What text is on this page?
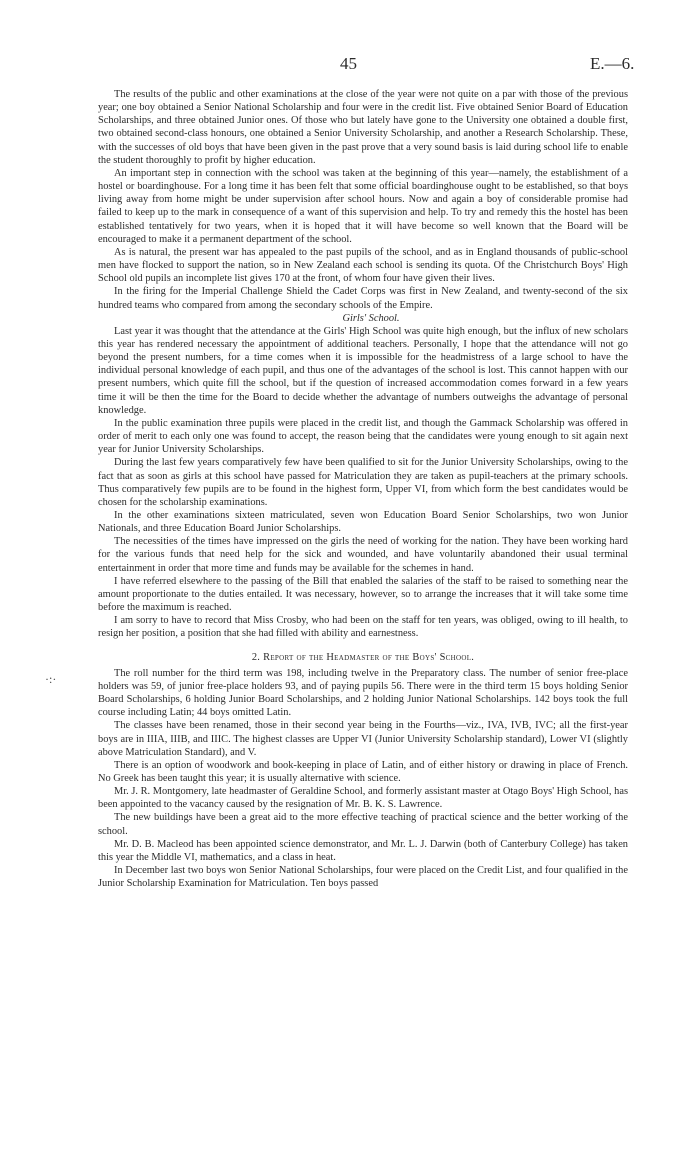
45	E.—6.
·:·

The results of the public and other examinations at the close of the year were not quite on a par with those of the previous year; one boy obtained a Senior National Scholarship and four were in the credit list. Five obtained Senior Board of Education Scholarships, and three obtained Junior ones. Of those who but lately have gone to the University one obtained a double first, two obtained second-class honours, one obtained a Senior University Scholarship, and another a Research Scholarship. These, with the successes of old boys that have been given in the past prove that a very sound basis is laid during school life to enable the student thoroughly to profit by higher education.

An important step in connection with the school was taken at the beginning of this year—namely, the establishment of a hostel or boardinghouse. For a long time it has been felt that some official boardinghouse ought to be established, so that boys living away from home might be under supervision after school hours. Now and again a boy of considerable promise had failed to keep up to the mark in consequence of a want of this supervision and help. To try and remedy this the hostel has been established tentatively for two years, when it is hoped that it will have become so well known that the Board will be encouraged to make it a permanent department of the school.

As is natural, the present war has appealed to the past pupils of the school, and as in England thousands of public-school men have flocked to support the nation, so in New Zealand each school is sending its quota. Of the Christchurch Boys' High School old pupils an incomplete list gives 170 at the front, of whom four have given their lives.

In the firing for the Imperial Challenge Shield the Cadet Corps was first in New Zealand, and twenty-second of the six hundred teams who compared from among the secondary schools of the Empire.

Girls' School.

Last year it was thought that the attendance at the Girls' High School was quite high enough, but the influx of new scholars this year has rendered necessary the appointment of additional teachers. Personally, I hope that the attendance will not go beyond the present numbers, for a time comes when it is impossible for the headmistress of a large school to have the individual personal knowledge of each pupil, and thus one of the advantages of the school is lost. This cannot happen with our present numbers, which quite fill the school, but if the question of increased accommodation comes forward in a few years time it will be then the time for the Board to decide whether the advantage of numbers outweighs the advantage of personal knowledge.

In the public examination three pupils were placed in the credit list, and though the Gammack Scholarship was offered in order of merit to each only one was found to accept, the reason being that the candidates were young enough to sit again next year for Junior University Scholarships.

During the last few years comparatively few have been qualified to sit for the Junior University Scholarships, owing to the fact that as soon as girls at this school have passed for Matriculation they are taken as pupil-teachers at the primary schools. Thus comparatively few pupils are to be found in the highest form, Upper VI, from which form the best candidates would be chosen for the scholarship examinations.

In the other examinations sixteen matriculated, seven won Education Board Senior Scholarships, two won Junior Nationals, and three Education Board Junior Scholarships.

The necessities of the times have impressed on the girls the need of working for the nation. They have been working hard for the various funds that need help for the sick and wounded, and have voluntarily abandoned their usual terminal entertainment in order that more time and funds may be available for the schemes in hand.

I have referred elsewhere to the passing of the Bill that enabled the salaries of the staff to be raised to something near the amount proportionate to the duties entailed. It was necessary, however, so to arrange the increases that it will take some time before the maximum is reached.

I am sorry to have to record that Miss Crosby, who had been on the staff for ten years, was obliged, owing to ill health, to resign her position, a position that she had filled with ability and earnestness.

2. Report of the Headmaster of the Boys' School.

The roll number for the third term was 198, including twelve in the Preparatory class. The number of senior free-place holders was 59, of junior free-place holders 93, and of paying pupils 56. There were in the third term 15 boys holding Senior Board Scholarships, 6 holding Junior Board Scholarships, and 2 holding Junior National Scholarships. 142 boys took the full course including Latin; 44 boys omitted Latin.

The classes have been renamed, those in their second year being in the Fourths—viz., IVA, IVB, IVC; all the first-year boys are in IIIA, IIIB, and IIIC. The highest classes are Upper VI (Junior University Scholarship standard), Lower VI (slightly above Matriculation Standard), and V.

There is an option of woodwork and book-keeping in place of Latin, and of either history or drawing in place of French. No Greek has been taught this year; it is usually alternative with science.

Mr. J. R. Montgomery, late headmaster of Geraldine School, and formerly assistant master at Otago Boys' High School, has been appointed to the vacancy caused by the resignation of Mr. B. K. S. Lawrence.

The new buildings have been a great aid to the more effective teaching of practical science and the better working of the school.

Mr. D. B. Macleod has been appointed science demonstrator, and Mr. L. J. Darwin (both of Canterbury College) has taken this year the Middle VI, mathematics, and a class in heat.

In December last two boys won Senior National Scholarships, four were placed on the Credit List, and four qualified in the Junior Scholarship Examination for Matriculation. Ten boys passed
